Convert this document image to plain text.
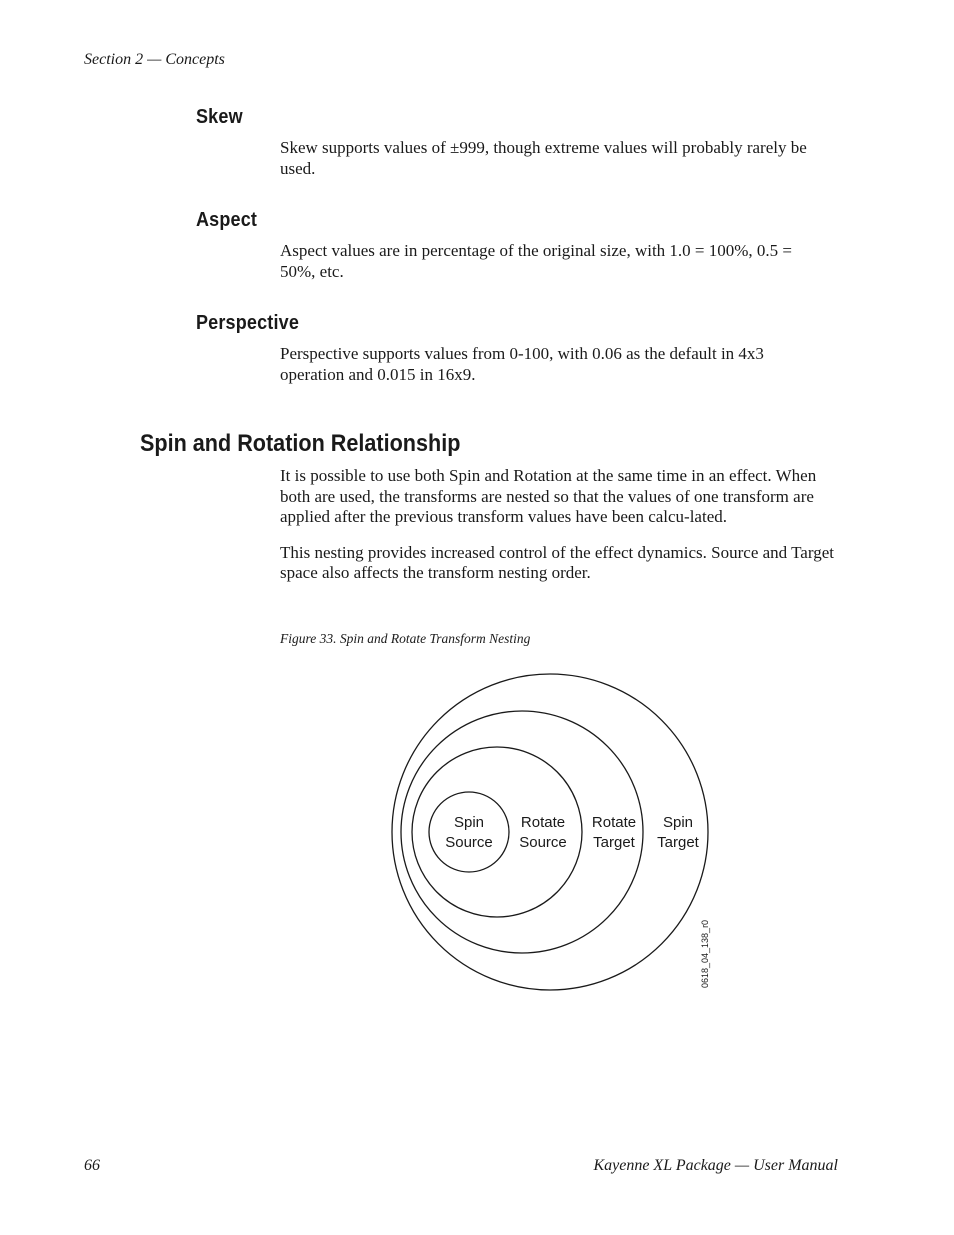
Section 2 — Concepts
Skew

Skew supports values of ±999, though extreme values will probably rarely be used.

Aspect

Aspect values are in percentage of the original size, with 1.0 = 100%, 0.5 = 50%, etc.

Perspective

Perspective supports values from 0-100, with 0.06 as the default in 4x3 operation and 0.015 in 16x9.

Spin and Rotation Relationship

It is possible to use both Spin and Rotation at the same time in an effect. When both are used, the transforms are nested so that the values of one transform are applied after the previous transform values have been calcu-lated.

This nesting provides increased control of the effect dynamics. Source and Target space also affects the transform nesting order.

Figure 33. Spin and Rotate Transform Nesting
Spin
Source
Rotate
Source
Rotate
Target
Spin
Target
0618_04_138_r0
66	Kayenne XL Package — User Manual
